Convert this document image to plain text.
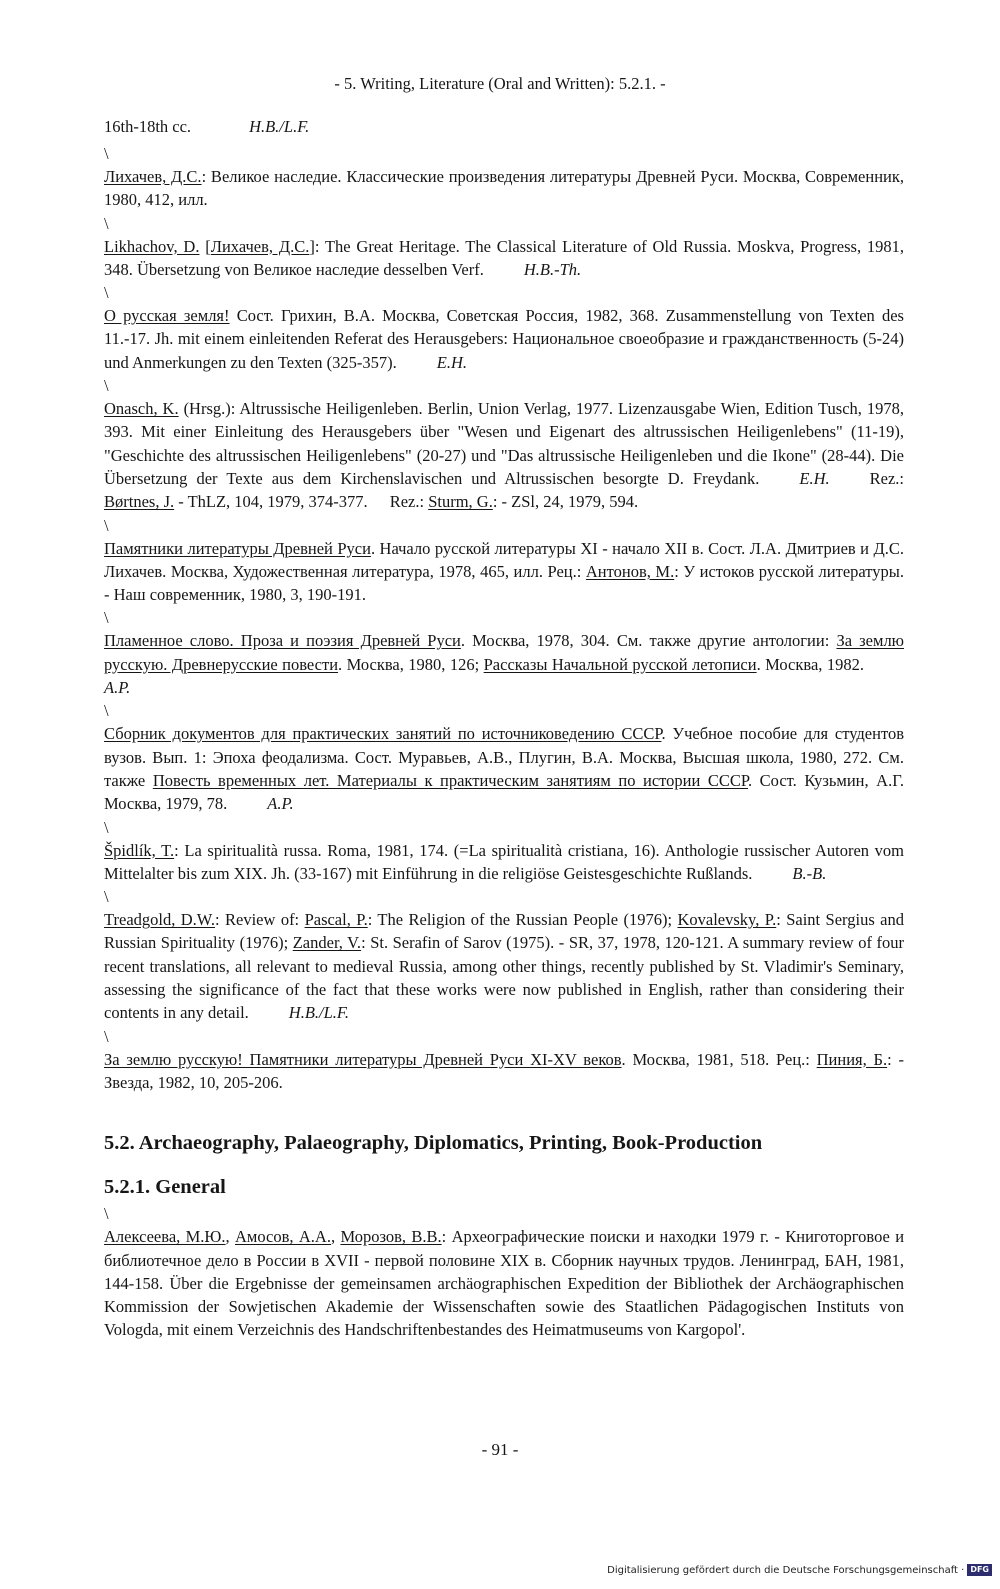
- 5. Writing, Literature (Oral and Written): 5.2.1. -
16th-18th cc.	H.B./L.F.
\

Лихачев, Д.С.: Великое наследие. Классические произведения литературы Древней Руси. Москва, Современник, 1980, 412, илл.

\

Likhachov, D. [Лихачев, Д.С.]: The Great Heritage. The Classical Literature of Old Russia. Moskva, Progress, 1981, 348. Übersetzung von Великое наследие desselben Verf. H.B.-Th.

\

О русская земля! Сост. Грихин, В.А. Москва, Советская Россия, 1982, 368. Zusammenstellung von Texten des 11.-17. Jh. mit einem einleitenden Referat des Herausgebers: Национальное своеобразие и гражданственность (5-24) und Anmerkungen zu den Texten (325-357). E.H.

\

Onasch, K. (Hrsg.): Altrussische Heiligenleben. Berlin, Union Verlag, 1977. Lizenzausgabe Wien, Edition Tusch, 1978, 393. Mit einer Einleitung des Herausgebers über "Wesen und Eigenart des altrussischen Heiligenlebens" (11-19), "Geschichte des altrussischen Heiligenlebens" (20-27) und "Das altrussische Heiligenleben und die Ikone" (28-44). Die Übersetzung der Texte aus dem Kirchenslavischen und Altrussischen besorgte D. Freydank. E.H. Rez.: Børtnes, J. - ThLZ, 104, 1979, 374-377. Rez.: Sturm, G.: - ZSl, 24, 1979, 594.

\

Памятники литературы Древней Руси. Начало русской литературы XI - начало XII в. Сост. Л.А. Дмитриев и Д.С. Лихачев. Москва, Художественная литература, 1978, 465, илл. Рец.: Антонов, М.: У истоков русской литературы. - Наш современник, 1980, 3, 190-191.

\

Пламенное слово. Проза и поэзия Древней Руси. Москва, 1978, 304. См. также другие антологии: За землю русскую. Древнерусские повести. Москва, 1980, 126; Рассказы Начальной русской летописи. Москва, 1982.A.P.

\

Сборник документов для практических занятий по источниковедению СССР. Учебное пособие для студентов вузов. Вып. 1: Эпоха феодализма. Сост. Муравьев, А.В., Плугин, В.А. Москва, Высшая школа, 1980, 272. См. также Повесть временных лет. Материалы к практическим занятиям по истории СССР. Сост. Кузьмин, А.Г. Москва, 1979, 78. A.P.

\

Špidlík, T.: La spiritualità russa. Roma, 1981, 174. (=La spiritualità cristiana, 16). Anthologie russischer Autoren vom Mittelalter bis zum XIX. Jh. (33-167) mit Einführung in die religiöse Geistesgeschichte Rußlands. B.-B.

\

Treadgold, D.W.: Review of: Pascal, P.: The Religion of the Russian People (1976); Kovalevsky, P.: Saint Sergius and Russian Spirituality (1976); Zander, V.: St. Serafin of Sarov (1975). - SR, 37, 1978, 120-121. A summary review of four recent translations, all relevant to medieval Russia, among other things, recently published by St. Vladimir's Seminary, assessing the significance of the fact that these works were now published in English, rather than considering their contents in any detail. H.B./L.F.

\

За землю русскую! Памятники литературы Древней Руси XI-XV веков. Москва, 1981, 518. Рец.: Пиния, Б.: - Звезда, 1982, 10, 205-206.

5.2. Archaeography, Palaeography, Diplomatics, Printing, Book-Production
5.2.1. General
\

Алексеева, М.Ю., Амосов, А.А., Морозов, В.В.: Археографические поиски и находки 1979 г. - Книготорговое и библиотечное дело в России в XVII - первой половине XIX в. Сборник научных трудов. Ленинград, БАН, 1981, 144-158. Über die Ergebnisse der gemeinsamen archäographischen Expedition der Bibliothek der Archäographischen Kommission der Sowjetischen Akademie der Wissenschaften sowie des Staatlichen Pädagogischen Instituts von Vologda, mit einem Verzeichnis des Handschriftenbestandes des Heimatmuseums von Kargopol'.

- 91 -
Digitalisierung gefördert durch die Deutsche Forschungsgemeinschaft · DFG
